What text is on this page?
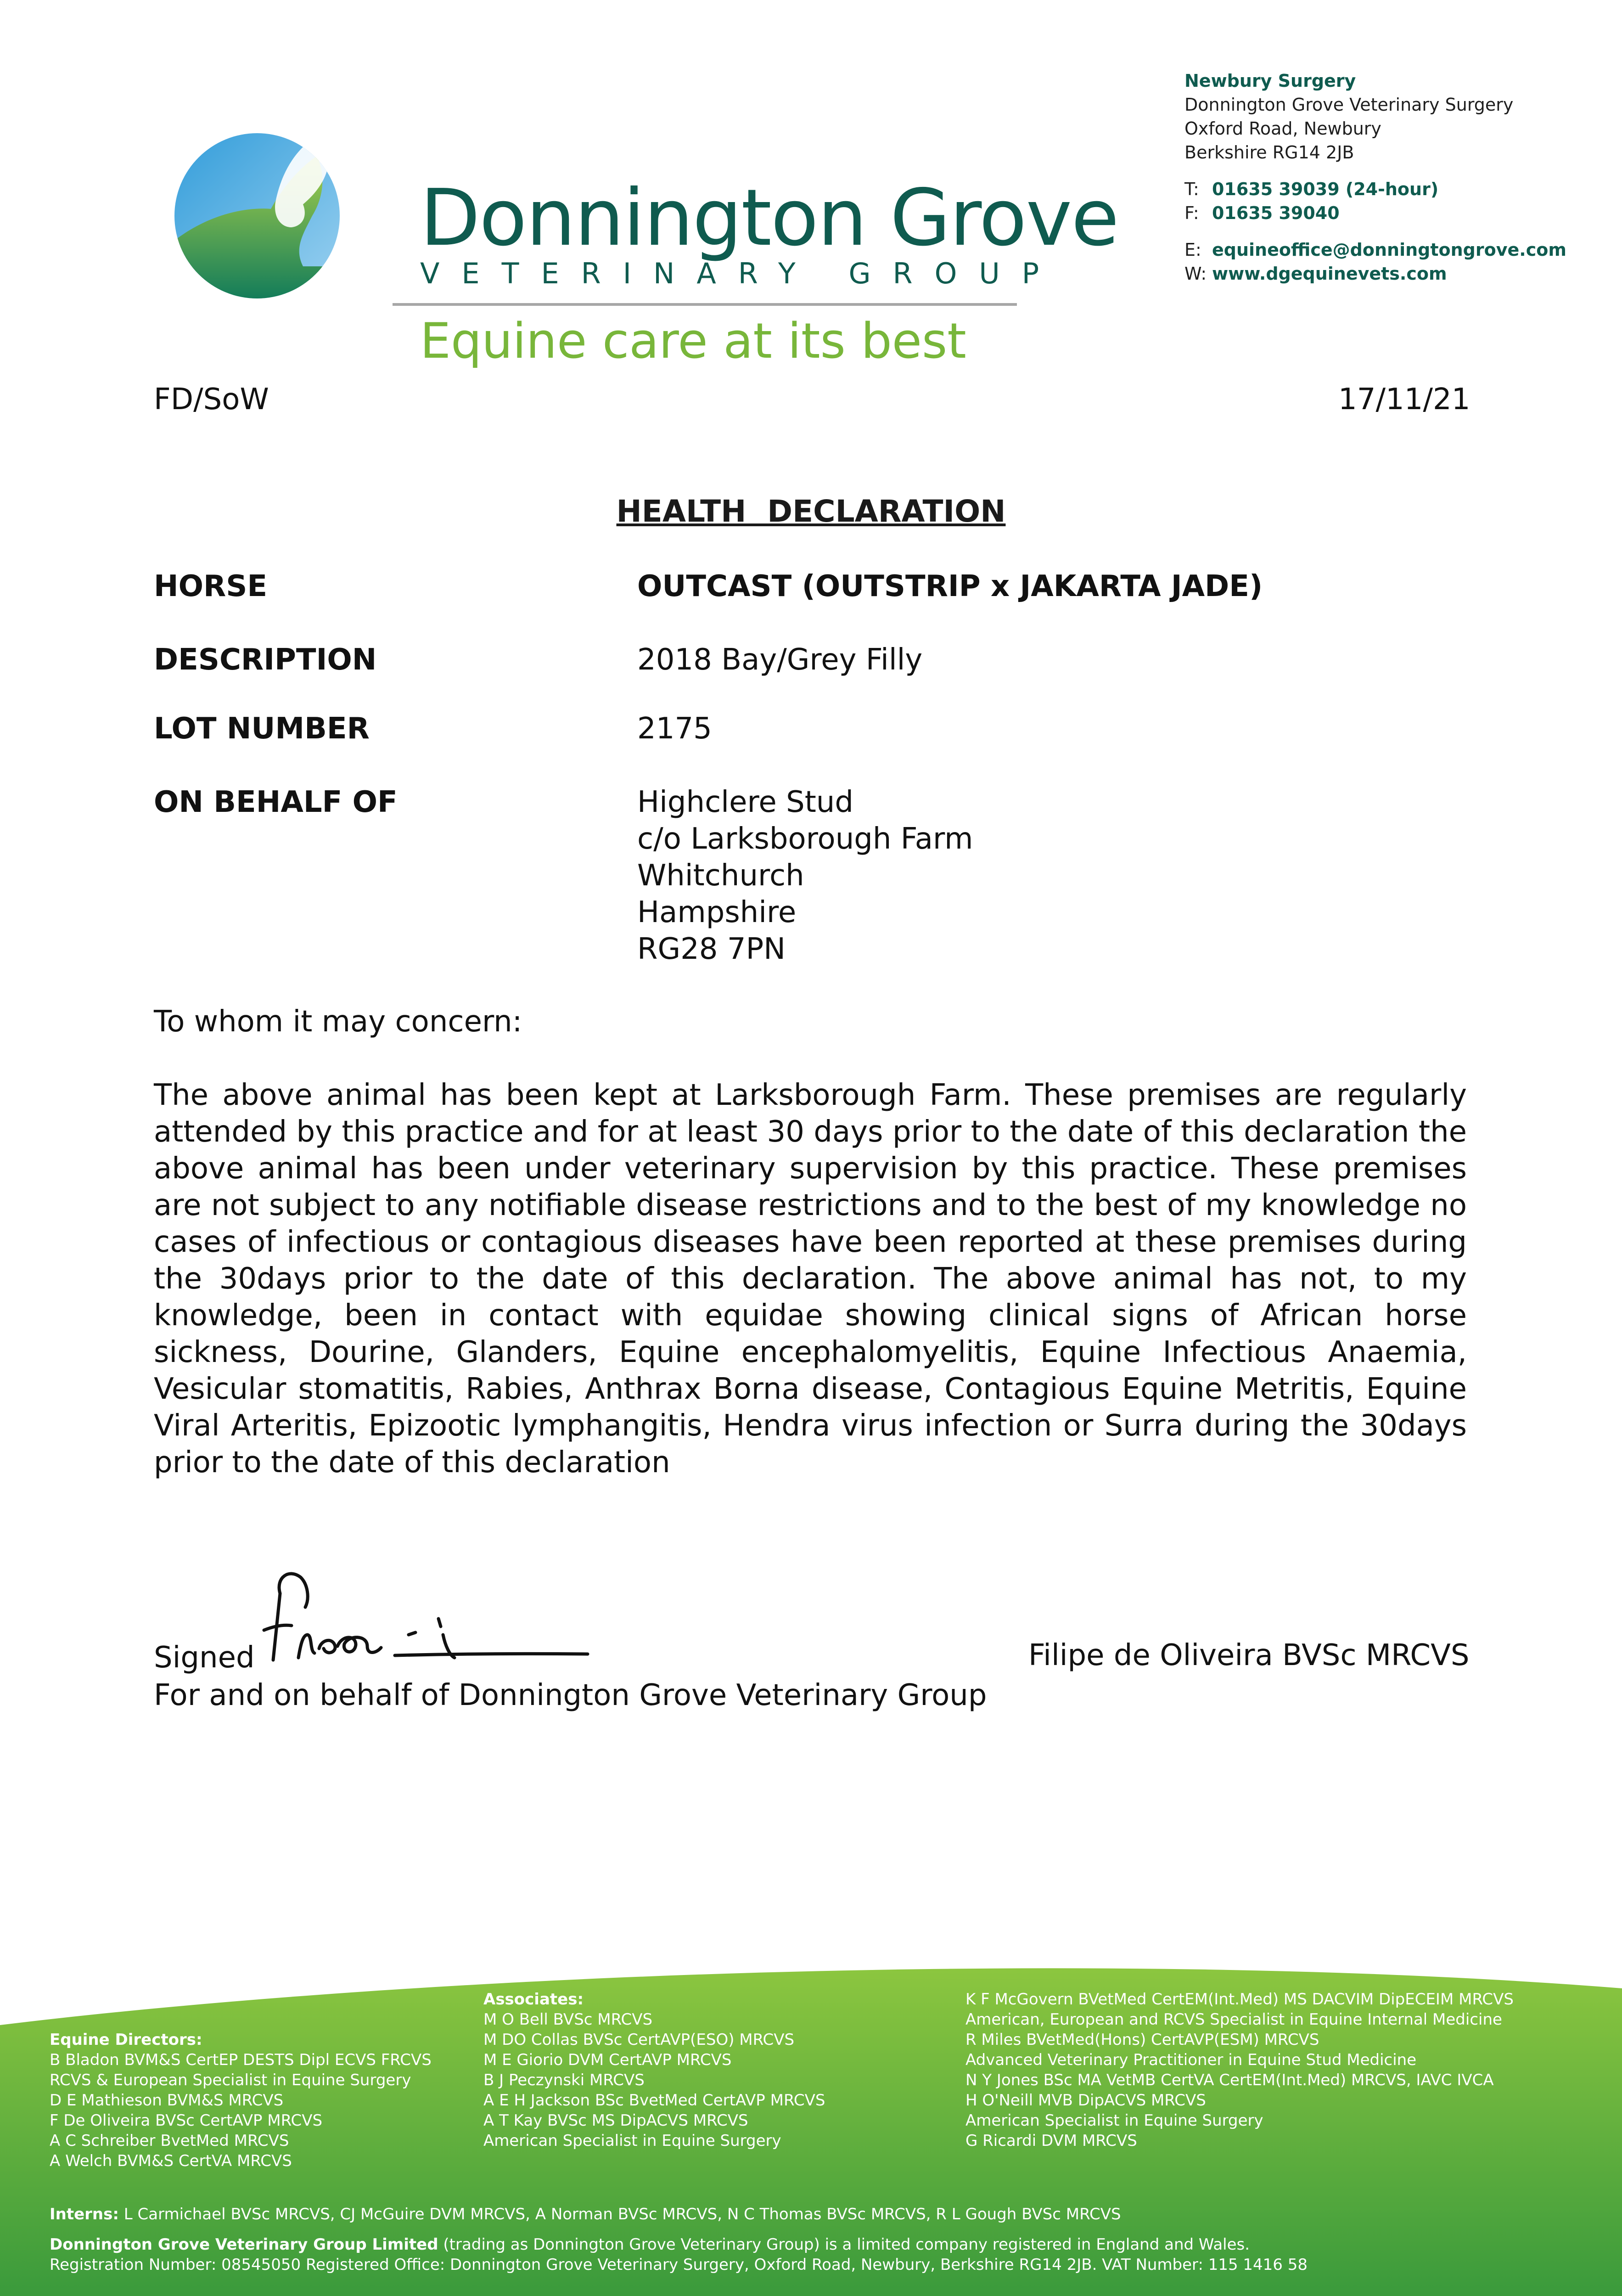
Donnington Grove
VETERINARY GROUP
Equine care at its best
Newbury Surgery
Donnington Grove Veterinary Surgery
Oxford Road, Newbury
Berkshire RG14 2JB
T: 01635 39039 (24-hour)
F: 01635 39040
E: equineoffice@donningtongrove.com
W: www.dgequinevets.com
FD/SoW	17/11/21
HEALTH  DECLARATION
HORSE	OUTCAST (OUTSTRIP x JAKARTA JADE)
DESCRIPTION	2018 Bay/Grey Filly
LOT NUMBER	2175
ON BEHALF OF	Highclere Stud
c/o Larksborough Farm
Whitchurch
Hampshire
RG28 7PN
To whom it may concern:
The above animal has been kept at Larksborough Farm. These premises are regularly attended by this practice and for at least 30 days prior to the date of this declaration the above animal has been under veterinary supervision by this practice. These premises are not subject to any notifiable disease restrictions and to the best of my knowledge no cases of infectious or contagious diseases have been reported at these premises during the 30days prior to the date of this declaration. The above animal has not, to my knowledge, been in contact with equidae showing clinical signs of African horse sickness, Dourine, Glanders, Equine encephalomyelitis, Equine Infectious Anaemia, Vesicular stomatitis, Rabies, Anthrax Borna disease, Contagious Equine Metritis, Equine Viral Arteritis, Epizootic lymphangitis, Hendra virus infection or Surra during the 30days prior to the date of this declaration
Signed	Filipe de Oliveira BVSc MRCVS
For and on behalf of Donnington Grove Veterinary Group
Equine Directors:
B Bladon BVM&S CertEP DESTS Dipl ECVS FRCVS
RCVS & European Specialist in Equine Surgery
D E Mathieson BVM&S MRCVS
F De Oliveira BVSc CertAVP MRCVS
A C Schreiber BvetMed MRCVS
A Welch BVM&S CertVA MRCVS
Associates:
M O Bell BVSc MRCVS
M DO Collas BVSc CertAVP(ESO) MRCVS
M E Giorio DVM CertAVP MRCVS
B J Peczynski MRCVS
A E H Jackson BSc BvetMed CertAVP MRCVS
A T Kay BVSc MS DipACVS MRCVS
American Specialist in Equine Surgery
K F McGovern BVetMed CertEM(Int.Med) MS DACVIM DipECEIM MRCVS
American, European and RCVS Specialist in Equine Internal Medicine
R Miles BVetMed(Hons) CertAVP(ESM) MRCVS
Advanced Veterinary Practitioner in Equine Stud Medicine
N Y Jones BSc MA VetMB CertVA CertEM(Int.Med) MRCVS, IAVC IVCA
H O'Neill MVB DipACVS MRCVS
American Specialist in Equine Surgery
G Ricardi DVM MRCVS
Interns: L Carmichael BVSc MRCVS, CJ McGuire DVM MRCVS, A Norman BVSc MRCVS, N C Thomas BVSc MRCVS, R L Gough BVSc MRCVS
Donnington Grove Veterinary Group Limited (trading as Donnington Grove Veterinary Group) is a limited company registered in England and Wales.
Registration Number: 08545050 Registered Office: Donnington Grove Veterinary Surgery, Oxford Road, Newbury, Berkshire RG14 2JB. VAT Number: 115 1416 58
